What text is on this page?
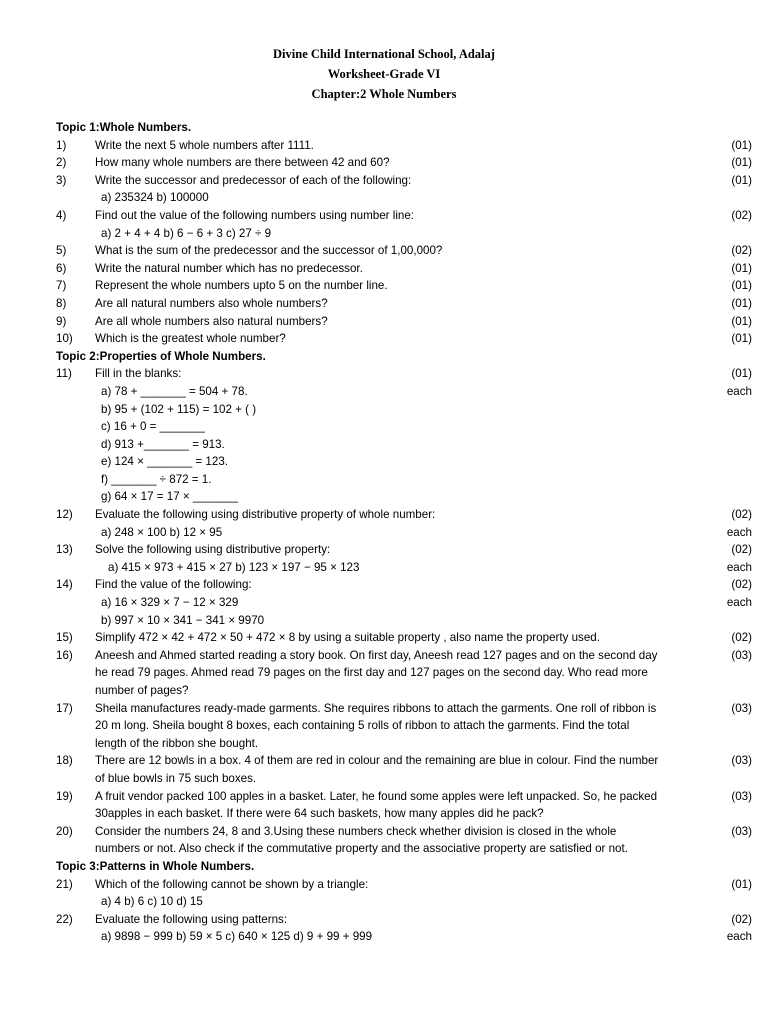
Divine Child International School, Adalaj
Worksheet-Grade VI
Chapter:2 Whole Numbers
Topic 1:Whole Numbers.
1) Write the next 5 whole numbers after 1111.	(01)
2) How many whole numbers are there between 42 and 60?	(01)
3) Write the successor and predecessor of each of the following:	(01)
a) 235324 b) 100000
4) Find out the value of the following numbers using number line:	(02)
a) 2 + 4 + 4 b) 6 − 6 + 3 c) 27 ÷ 9
5) What is the sum of the predecessor and the successor of 1,00,000?	(02)
6) Write the natural number which has no predecessor.	(01)
7) Represent the whole numbers upto 5 on the number line.	(01)
8) Are all natural numbers also whole numbers?	(01)
9) Are all whole numbers also natural numbers?	(01)
10) Which is the greatest whole number?	(01)
Topic 2:Properties of Whole Numbers.
11) Fill in the blanks:	(01)
a) 78 + _______ = 504 + 78.	each
b) 95 + (102 + 115) = 102 + ( )
c) 16 + 0 = _______
d) 913 +_______ = 913.
e) 124 × _______ = 123.
f) _______ ÷ 872 = 1.
g) 64 × 17 = 17 × _______
12) Evaluate the following using distributive property of whole number:	(02)
a) 248 × 100 b) 12 × 95	each
13) Solve the following using distributive property:	(02)
a) 415 × 973 + 415 × 27 b) 123 × 197 − 95 × 123	each
14) Find the value of the following:	(02)
a) 16 × 329 × 7 − 12 × 329	each
b) 997 × 10 × 341 − 341 × 9970
15) Simplify 472 × 42 + 472 × 50 + 472 × 8 by using a suitable property , also name the property used.	(02)
16) Aneesh and Ahmed started reading a story book. On first day, Aneesh read 127 pages and on the second day	(03)
he read 79 pages. Ahmed read 79 pages on the first day and 127 pages on the second day. Who read more
number of pages?
17) Sheila manufactures ready-made garments. She requires ribbons to attach the garments. One roll of ribbon is	(03)
20 m long. Sheila bought 8 boxes, each containing 5 rolls of ribbon to attach the garments. Find the total
length of the ribbon she bought.
18) There are 12 bowls in a box. 4 of them are red in colour and the remaining are blue in colour. Find the number	(03)
of blue bowls in 75 such boxes.
19) A fruit vendor packed 100 apples in a basket. Later, he found some apples were left unpacked. So, he packed	(03)
30apples in each basket. If there were 64 such baskets, how many apples did he pack?
20) Consider the numbers 24, 8 and 3.Using these numbers check whether division is closed in the whole	(03)
numbers or not. Also check if the commutative property and the associative property are satisfied or not.
Topic 3:Patterns in Whole Numbers.
21) Which of the following cannot be shown by a triangle:	(01)
a) 4 b) 6 c) 10 d) 15
22) Evaluate the following using patterns:	(02)
a) 9898 − 999 b) 59 × 5 c) 640 × 125 d) 9 + 99 + 999	each
